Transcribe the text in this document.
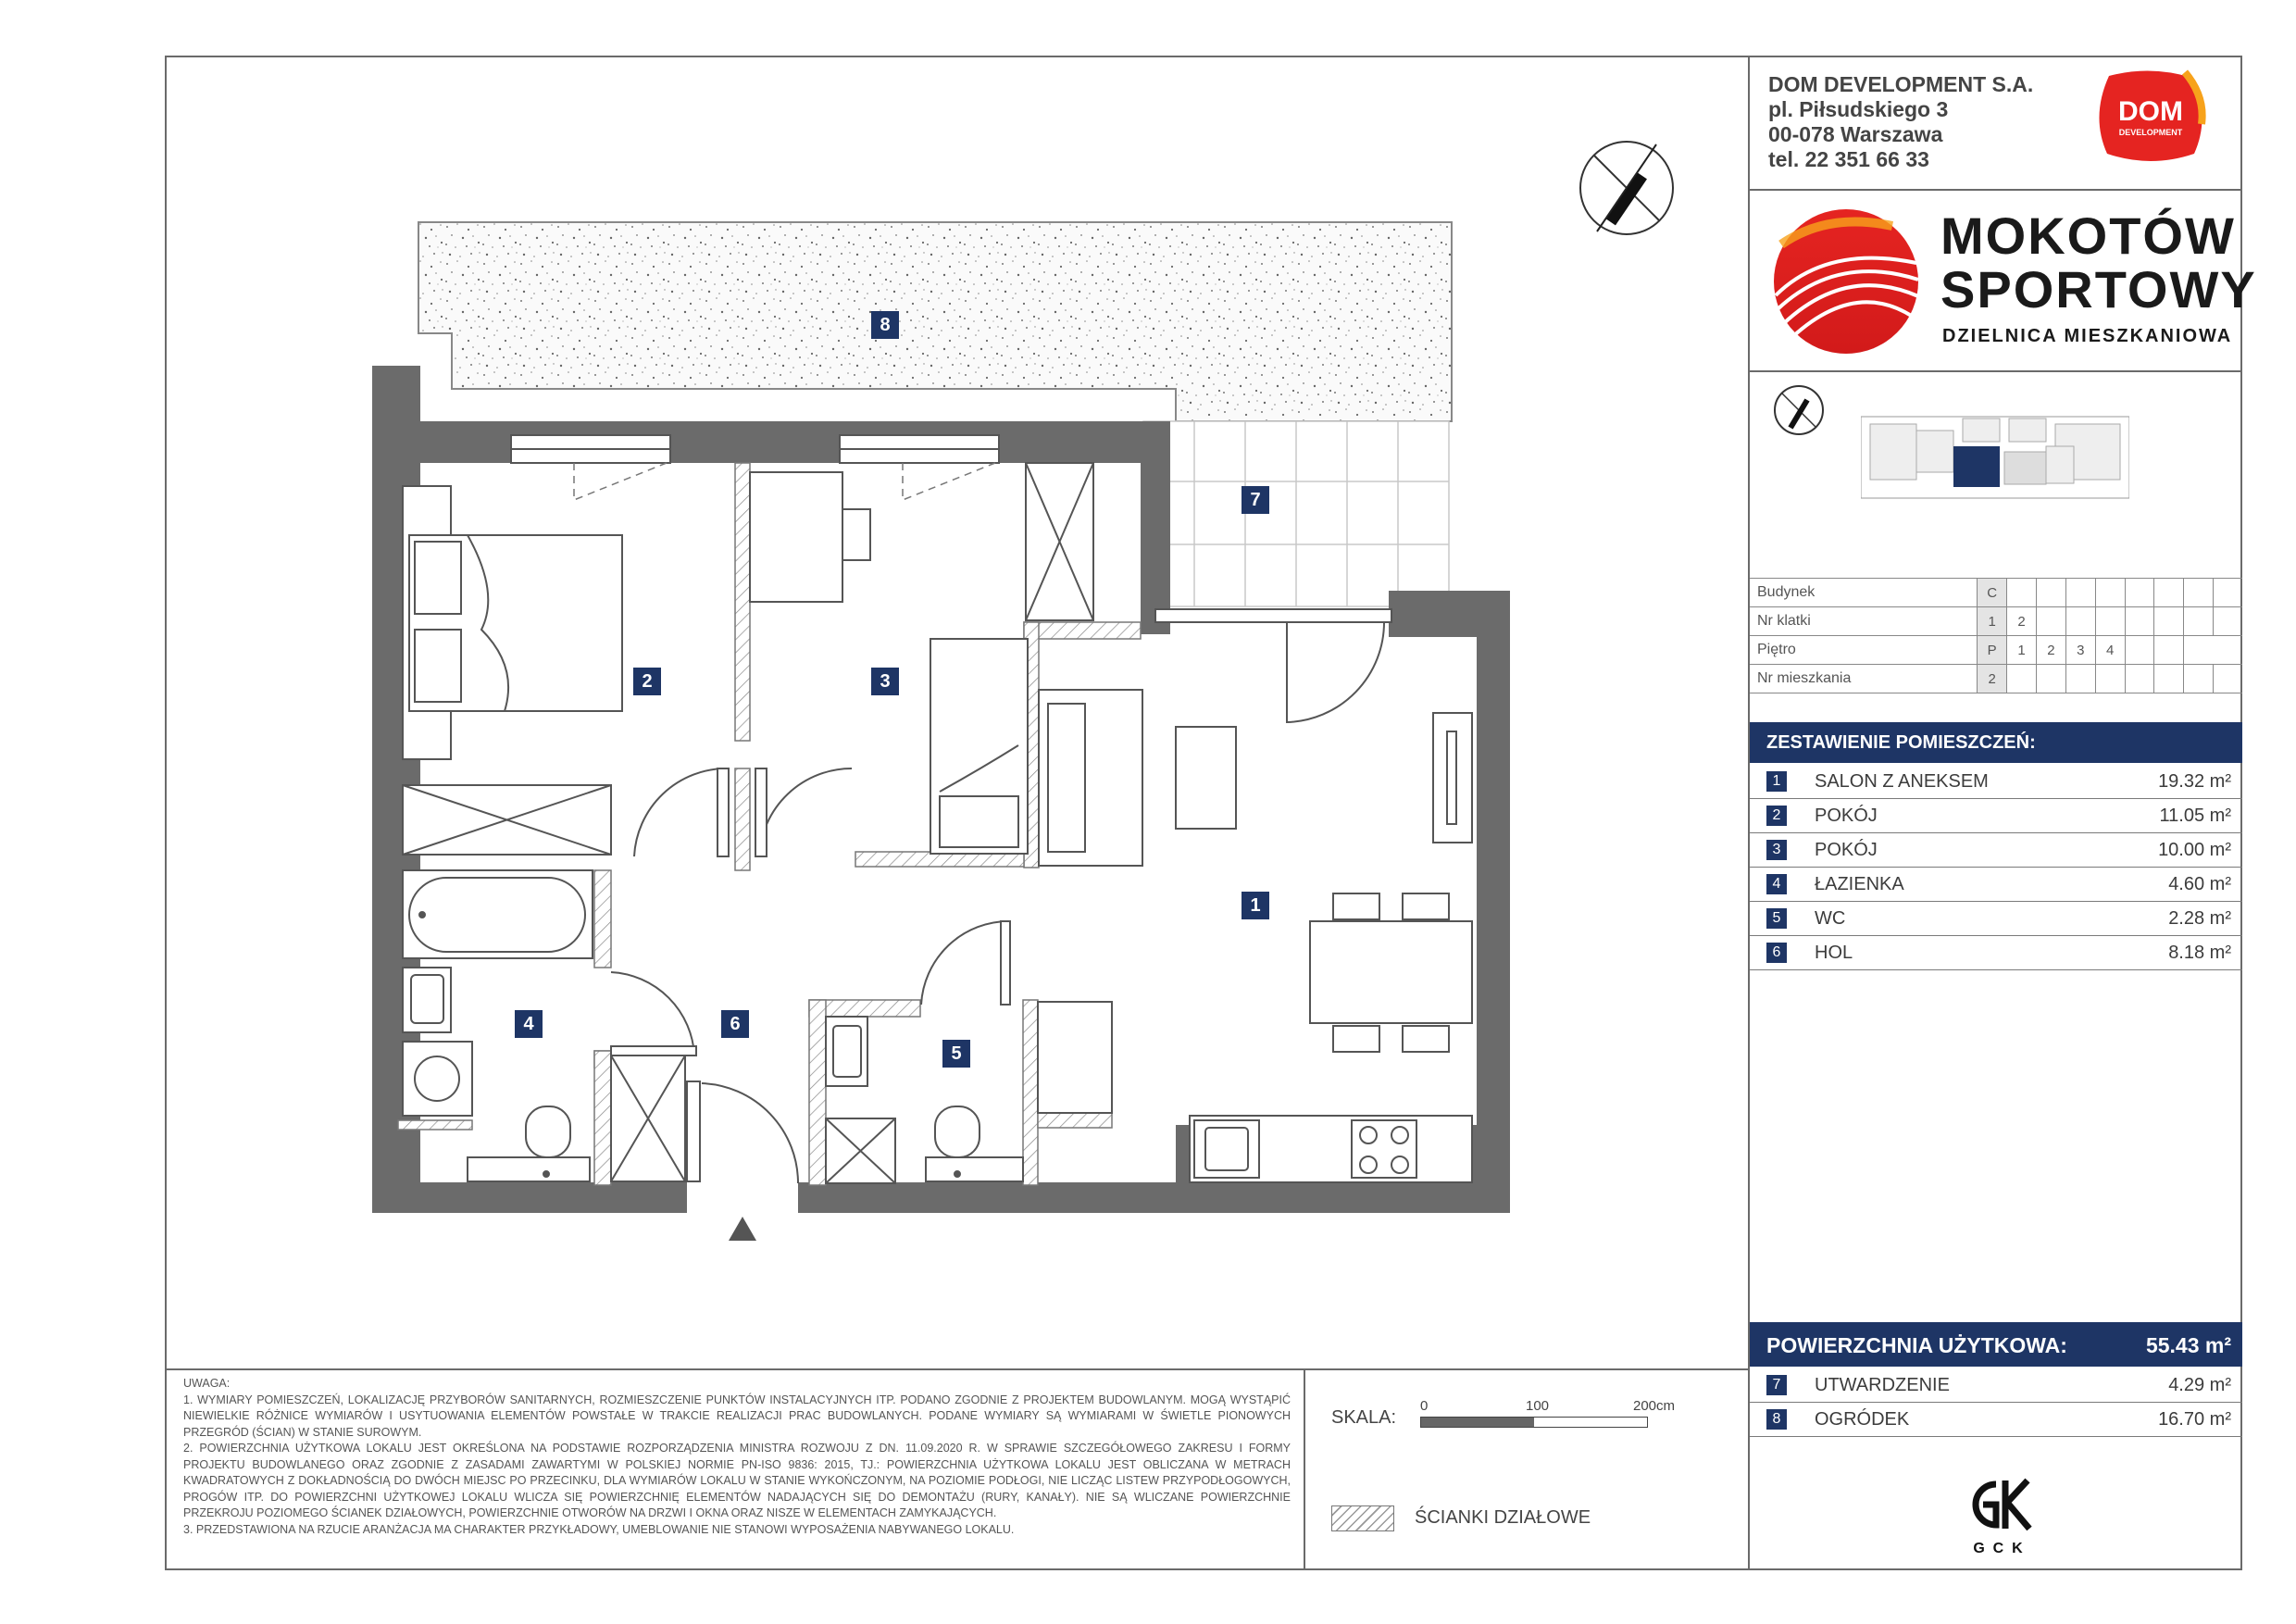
1
2	3
4
5
6
7
8

UWAGA:

1. WYMIARY POMIESZCZEŃ, LOKALIZACJĘ PRZYBORÓW SANITARNYCH, ROZMIESZCZENIE PUNKTÓW INSTALACYJNYCH ITP. PODANO ZGODNIE Z PROJEKTEM BUDOWLANYM. MOGĄ WYSTĄPIĆ NIEWIELKIE RÓŻNICE WYMIARÓW I USYTUOWANIA ELEMENTÓW POWSTAŁE W TRAKCIE REALIZACJI PRAC BUDOWLANYCH. PODANE WYMIARY SĄ WYMIARAMI W ŚWIETLE PIONOWYCH PRZEGRÓD (ŚCIAN) W STANIE SUROWYM.

2. POWIERZCHNIA UŻYTKOWA LOKALU JEST OKREŚLONA NA PODSTAWIE ROZPORZĄDZENIA MINISTRA ROZWOJU Z DN. 11.09.2020 R. W SPRAWIE SZCZEGÓŁOWEGO ZAKRESU I FORMY PROJEKTU BUDOWLANEGO ORAZ ZGODNIE Z ZASADAMI ZAWARTYMI W POLSKIEJ NORMIE PN-ISO 9836: 2015, TJ.: POWIERZCHNIA UŻYTKOWA LOKALU JEST OBLICZANA W METRACH KWADRATOWYCH Z DOKŁADNOŚCIĄ DO DWÓCH MIEJSC PO PRZECINKU, DLA WYMIARÓW LOKALU W STANIE WYKOŃCZONYM, NA POZIOMIE PODŁOGI, NIE LICZĄC LISTEW PRZYPODŁOGOWYCH, PROGÓW ITP. DO POWIERZCHNI UŻYTKOWEJ LOKALU WLICZA SIĘ POWIERZCHNIĘ ELEMENTÓW NADAJĄCYCH SIĘ DO DEMONTAŻU (RURY, KANAŁY). NIE SĄ WLICZANE POWIERZCHNIE PRZEKROJU POZIOMEGO ŚCIANEK DZIAŁOWYCH, POWIERZCHNIE OTWORÓW NA DRZWI I OKNA ORAZ NISZE W ELEMENTACH ZAMYKAJĄCYCH.

3. PRZEDSTAWIONA NA RZUCIE ARANŻACJA MA CHARAKTER PRZYKŁADOWY, UMEBLOWANIE NIE STANOWI WYPOSAŻENIA NABYWANEGO LOKALU.

SKALA:
0	100	200cm
ŚCIANKI DZIAŁOWE
DOM DEVELOPMENT S.A.
pl. Piłsudskiego 3
00-078 Warszawa
tel. 22 351 66 33
DOM
DEVELOPMENT
MOKOTÓW
SPORTOWY
DZIELNICA MIESZKANIOWA
Budynek	C								
Nr klatki	1	2							
Piętro	P	1	2	3	4				
Nr mieszkania	2								
ZESTAWIENIE POMIESZCZEŃ:
1	SALON Z ANEKSEM	19.32 m²
2	POKÓJ	11.05 m²
3	POKÓJ	10.00 m²
4	ŁAZIENKA	4.60 m²
5	WC	2.28 m²
6	HOL	8.18 m²
POWIERZCHNIA UŻYTKOWA:	55.43 m²
7	UTWARDZENIE	4.29 m²
8	OGRÓDEK	16.70 m²
G  C  K
